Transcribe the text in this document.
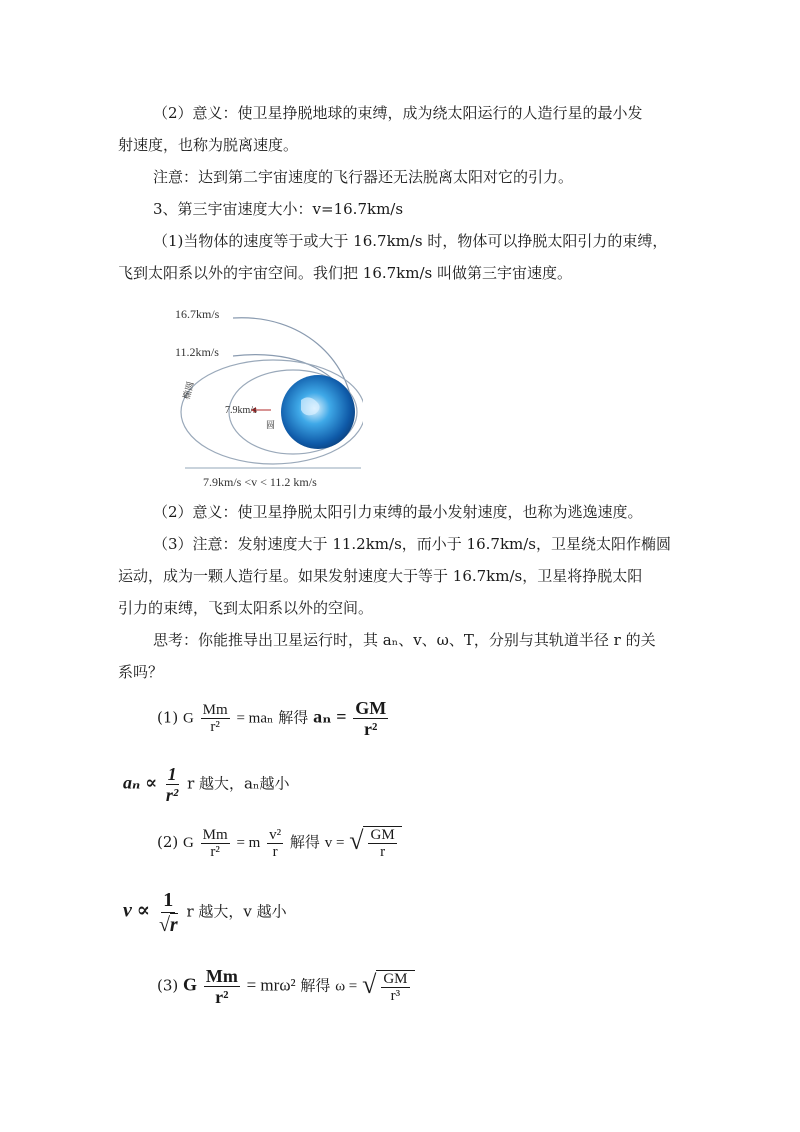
（2）意义：使卫星挣脱地球的束缚，成为绕太阳运行的人造行星的最小发
射速度，也称为脱离速度。
注意：达到第二宇宙速度的飞行器还无法脱离太阳对它的引力。
3、第三宇宙速度大小：v=16.7km/s
（1)当物体的速度等于或大于 16.7km/s 时，物体可以挣脱太阳引力的束缚，
飞到太阳系以外的宇宙空间。我们把 16.7km/s 叫做第三宇宙速度。
16.7km/s
11.2km/s
椭圆
7.9km/s
圆
7.9km/s <v < 11.2 km/s
（2）意义：使卫星挣脱太阳引力束缚的最小发射速度，也称为逃逸速度。
（3）注意：发射速度大于 11.2km/s，而小于 16.7km/s，卫星绕太阳作椭圆
运动，成为一颗人造行星。如果发射速度大于等于 16.7km/s，卫星将挣脱太阳
引力的束缚，飞到太阳系以外的空间。
思考：你能推导出卫星运行时，其 aₙ、v、ω、T，分别与其轨道半径 r 的关
系吗？
(1) G $\frac{Mm}{\text{r²}} = ma_n$ 解得 $a_n = \frac{GM}{\text{r²}}$
$a_n \propto \frac{1}{\text{r²}}$ r 越大，aₙ越小
(2) G $\frac{Mm}{\text{r²}} = m \frac{\text{v²}}{r}$ 解得 v = √ $\frac{GM}{r}$
$v \propto \frac{1}{√r}$ r 越大，v 越小
(3) G $\frac{Mm}{\text{r²}} = mr\omega^2$ 解得 ω = √ $\frac{GM}{\text{r³}}$
